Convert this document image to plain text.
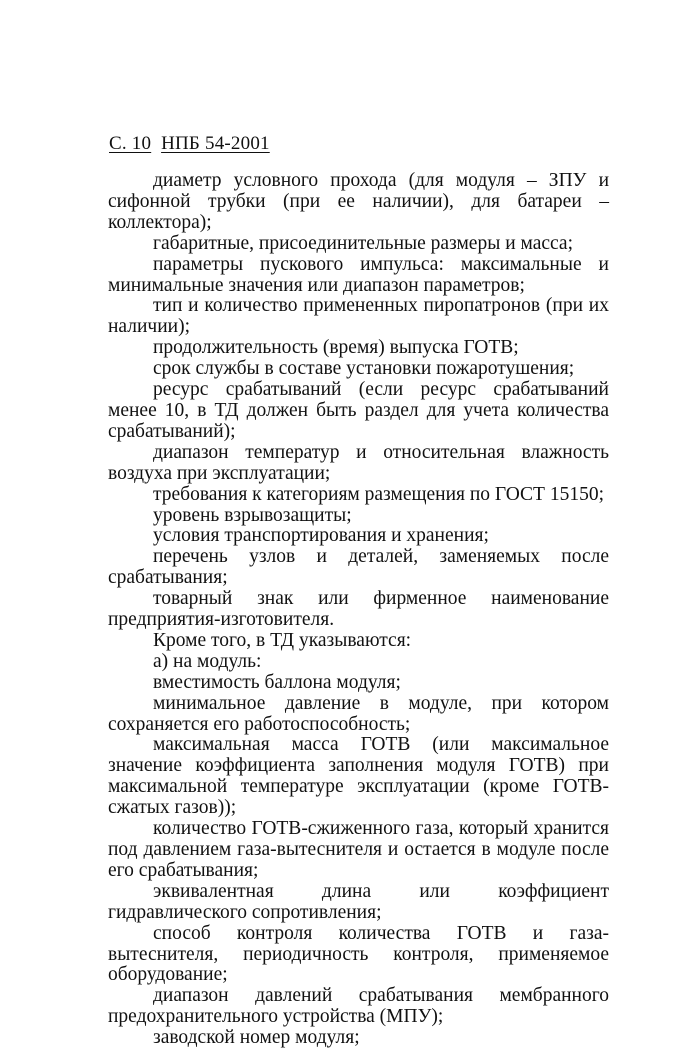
С. 10 НПБ 54-2001

диаметр условного прохода (для модуля – ЗПУ и сифонной трубки (при ее наличии), для батареи – коллектора);

габаритные, присоединительные размеры и масса;

параметры пускового импульса: максимальные и минимальные значения или диапазон параметров;

тип и количество примененных пиропатронов (при их наличии);

продолжительность (время) выпуска ГОТВ;

срок службы в составе установки пожаротушения;

ресурс срабатываний (если ресурс срабатываний менее 10, в ТД должен быть раздел для учета количества срабатываний);

диапазон температур и относительная влажность воздуха при эксплуатации;

требования к категориям размещения по ГОСТ 15150;

уровень взрывозащиты;

условия транспортирования и хранения;

перечень узлов и деталей, заменяемых после срабатывания;

товарный знак или фирменное наименование предприятия-изготовителя.

Кроме того, в ТД указываются:

а) на модуль:

вместимость баллона модуля;

минимальное давление в модуле, при котором сохраняется его работоспособность;

максимальная масса ГОТВ (или максимальное значение коэффициента заполнения модуля ГОТВ) при максимальной температуре эксплуатации (кроме ГОТВ-сжатых газов));

количество ГОТВ-сжиженного газа, который хранится под давлением газа-вытеснителя и остается в модуле после его срабатывания;

эквивалентная длина или коэффициент гидравлического сопротивления;

способ контроля количества ГОТВ и газа-вытеснителя, периодичность контроля, применяемое оборудование;

диапазон давлений срабатывания мембранного предохранительного устройства (МПУ);

заводской номер модуля;
